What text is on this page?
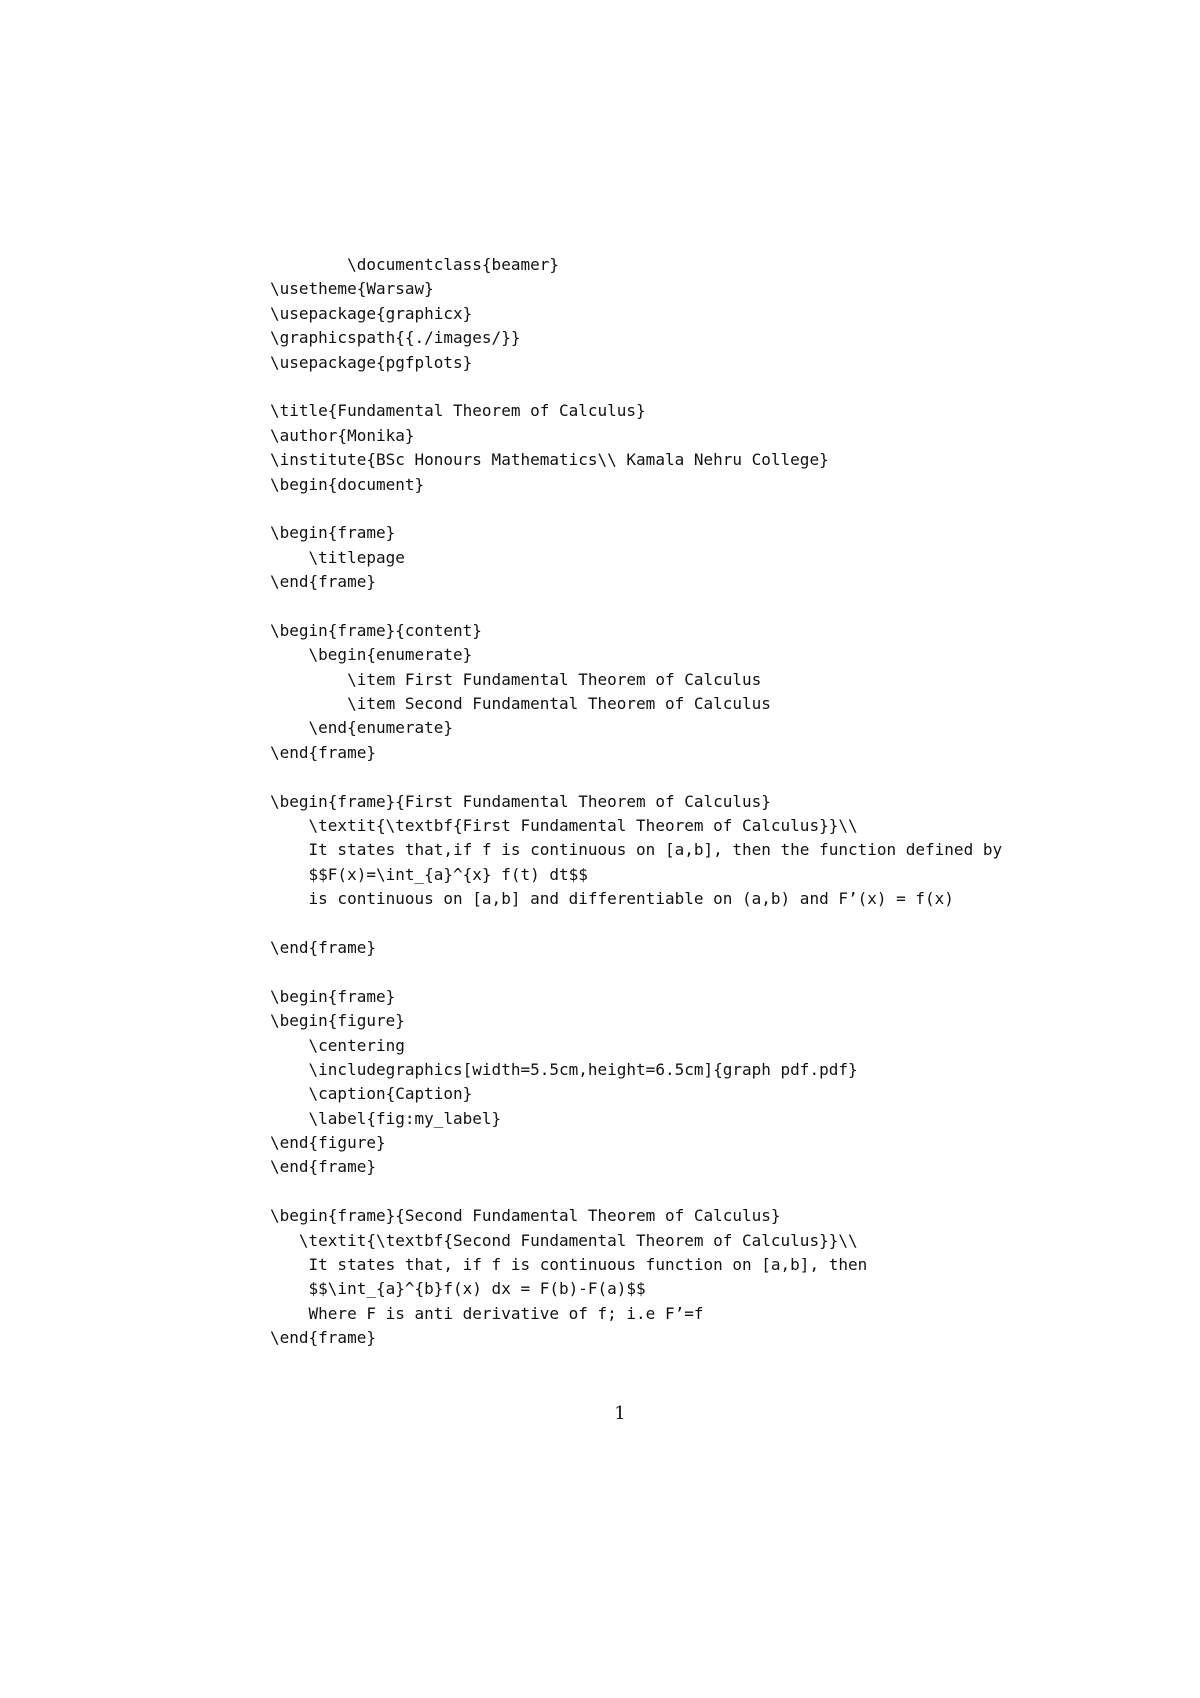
\documentclass{beamer}
\usetheme{Warsaw}
\usepackage{graphicx}
\graphicspath{{./images/}}
\usepackage{pgfplots}
\title{Fundamental Theorem of Calculus}
\author{Monika}
\institute{BSc Honours Mathematics\\ Kamala Nehru College}
\begin{document}
\begin{frame}
\titlepage
\end{frame}
\begin{frame}{content}
\begin{enumerate}
\item First Fundamental Theorem of Calculus
\item Second Fundamental Theorem of Calculus
\end{enumerate}
\end{frame}
\begin{frame}{First Fundamental Theorem of Calculus}
\textit{\textbf{First Fundamental Theorem of Calculus}}\\
It states that,if f is continuous on [a,b], then the function defined by
$$F(x)=\int_{a}^{x} f(t) dt$$
is continuous on [a,b] and differentiable on (a,b) and F’(x) = f(x)
\end{frame}
\begin{frame}
\begin{figure}
\centering
\includegraphics[width=5.5cm,height=6.5cm]{graph pdf.pdf}
\caption{Caption}
\label{fig:my_label}
\end{figure}
\end{frame}
\begin{frame}{Second Fundamental Theorem of Calculus}
\textit{\textbf{Second Fundamental Theorem of Calculus}}\\
It states that, if f is continuous function on [a,b], then
$$\int_{a}^{b}f(x) dx = F(b)-F(a)$$
Where F is anti derivative of f; i.e F’=f
\end{frame}
1
